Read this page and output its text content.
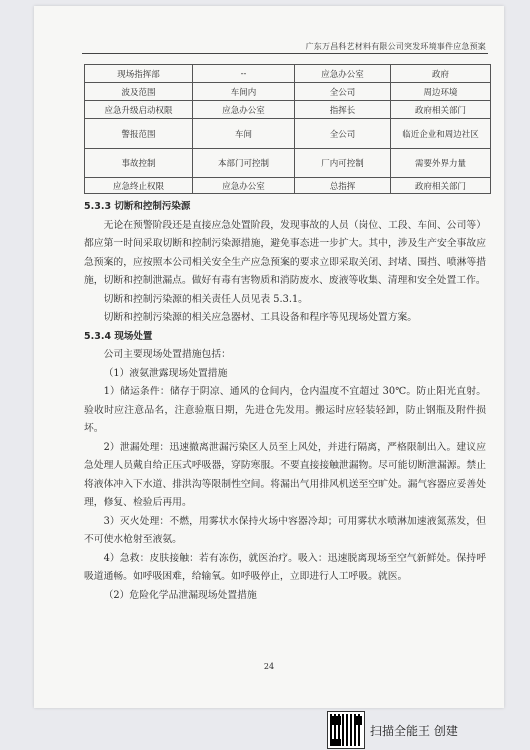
广东万昌科艺材料有限公司突发环境事件应急预案
现场指挥部	--	应急办公室	政府
波及范围	车间内	全公司	周边环境
应急升级启动权限	应急办公室	指挥长	政府相关部门
警报范围	车间	全公司	临近企业和周边社区
事故控制	本部门可控制	厂内可控制	需要外界力量
应急终止权限	应急办公室	总指挥	政府相关部门

5.3.3 切断和控制污染源

无论在预警阶段还是直接应急处置阶段，发现事故的人员（岗位、工段、车间、公司等）都应第一时间采取切断和控制污染源措施，避免事态进一步扩大。其中，涉及生产安全事故应急预案的，应按照本公司相关安全生产应急预案的要求立即采取关闭、封堵、围挡、喷淋等措施，切断和控制泄漏点。做好有毒有害物质和消防废水、废液等收集、清理和安全处置工作。

切断和控制污染源的相关责任人员见表 5.3.1。

切断和控制污染源的相关应急器材、工具设备和程序等见现场处置方案。

5.3.4 现场处置

公司主要现场处置措施包括：

（1）液氨泄露现场处置措施

1）储运条件：储存于阴凉、通风的仓间内，仓内温度不宜超过 30℃。防止阳光直射。验收时应注意品名，注意验瓶日期，先进仓先发用。搬运时应轻装轻卸，防止钢瓶及附件损坏。

2）泄漏处理：迅速撤离泄漏污染区人员至上风处，并进行隔离，严格限制出入。建议应急处理人员戴自给正压式呼吸器，穿防寒服。不要直接接触泄漏物。尽可能切断泄漏源。禁止将液体冲入下水道、排洪沟等限制性空间。将漏出气用排风机送至空旷处。漏气容器应妥善处理，修复、检验后再用。

3）灭火处理：不燃，用雾状水保持火场中容器冷却；可用雾状水喷淋加速液氮蒸发，但不可使水枪射至液氨。

4）急救：皮肤接触：若有冻伤，就医治疗。吸入：迅速脱离现场至空气新鲜处。保持呼吸道通畅。如呼吸困难，给输氧。如呼吸停止，立即进行人工呼吸。就医。

（2）危险化学品泄漏现场处置措施

24
扫描全能王 创建
